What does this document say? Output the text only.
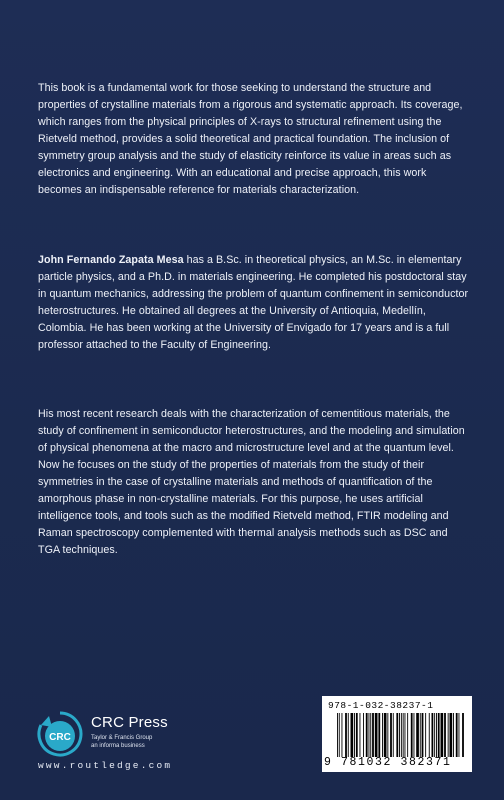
This book is a fundamental work for those seeking to understand the structure and properties of crystalline materials from a rigorous and systematic approach. Its coverage, which ranges from the physical principles of X-rays to structural refinement using the Rietveld method, provides a solid theoretical and practical foundation. The inclusion of symmetry group analysis and the study of elasticity reinforce its value in areas such as electronics and engineering. With an educational and precise approach, this work becomes an indispensable reference for materials characterization.

John Fernando Zapata Mesa has a B.Sc. in theoretical physics, an M.Sc. in elementary particle physics, and a Ph.D. in materials engineering. He completed his postdoctoral stay in quantum mechanics, addressing the problem of quantum confinement in semiconductor heterostructures. He obtained all degrees at the University of Antioquia, Medellín, Colombia. He has been working at the University of Envigado for 17 years and is a full professor attached to the Faculty of Engineering.

His most recent research deals with the characterization of cementitious materials, the study of confinement in semiconductor heterostructures, and the modeling and simulation of physical phenomena at the macro and microstructure level and at the quantum level. Now he focuses on the study of the properties of materials from the study of their symmetries in the case of crystalline materials and methods of quantification of the amorphous phase in non-crystalline materials. For this purpose, he uses artificial intelligence tools, and tools such as the modified Rietveld method, FTIR modeling and Raman spectroscopy complemented with thermal analysis methods such as DSC and TGA techniques.

CRC
CRC Press
Taylor & Francis Group
an informa business
www.routledge.com
978-1-032-38237-1
9 781032 382371
